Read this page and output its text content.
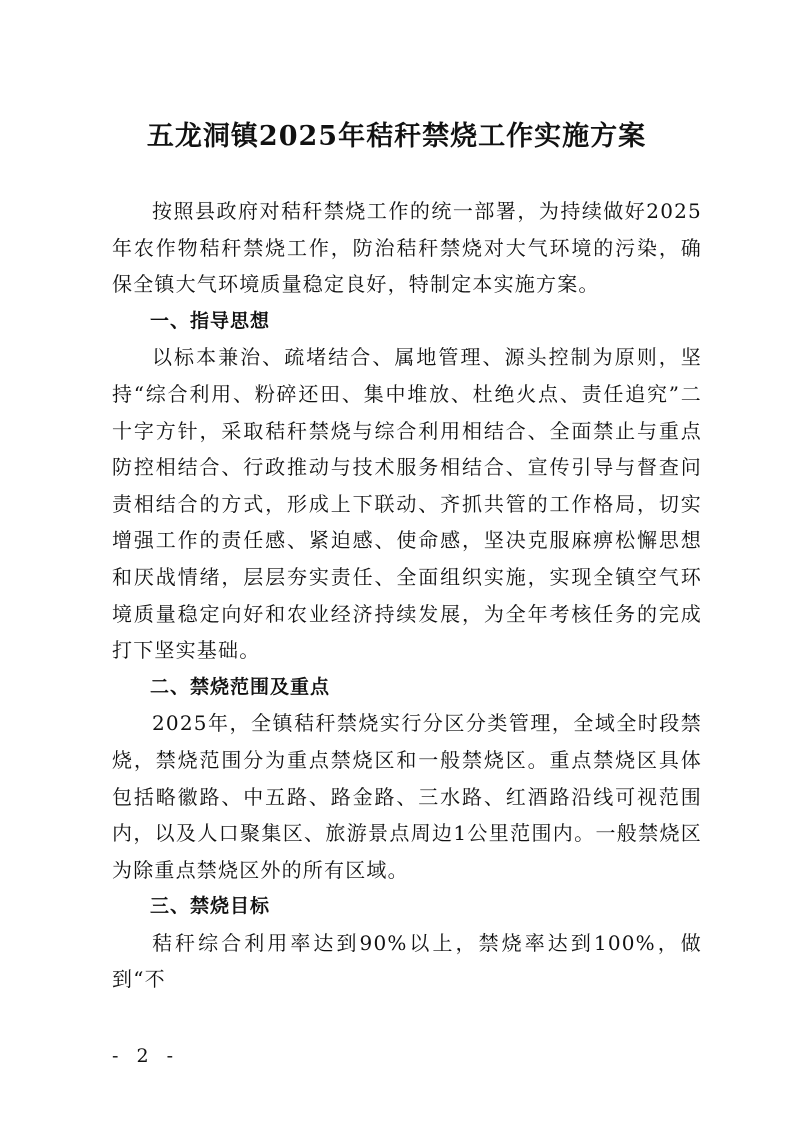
五龙洞镇2025年秸秆禁烧工作实施方案

按照县政府对秸秆禁烧工作的统一部署，为持续做好2025年农作物秸秆禁烧工作，防治秸秆禁烧对大气环境的污染，确保全镇大气环境质量稳定良好，特制定本实施方案。

一、指导思想

以标本兼治、疏堵结合、属地管理、源头控制为原则，坚持“综合利用、粉碎还田、集中堆放、杜绝火点、责任追究”二十字方针，采取秸秆禁烧与综合利用相结合、全面禁止与重点防控相结合、行政推动与技术服务相结合、宣传引导与督查问责相结合的方式，形成上下联动、齐抓共管的工作格局，切实增强工作的责任感、紧迫感、使命感，坚决克服麻痹松懈思想和厌战情绪，层层夯实责任、全面组织实施，实现全镇空气环境质量稳定向好和农业经济持续发展，为全年考核任务的完成打下坚实基础。

二、禁烧范围及重点

2025年，全镇秸秆禁烧实行分区分类管理，全域全时段禁烧，禁烧范围分为重点禁烧区和一般禁烧区。重点禁烧区具体包括略徽路、中五路、路金路、三水路、红酒路沿线可视范围内，以及人口聚集区、旅游景点周边1公里范围内。一般禁烧区为除重点禁烧区外的所有区域。

三、禁烧目标

秸秆综合利用率达到90%以上，禁烧率达到100%，做到“不

- 2 -
